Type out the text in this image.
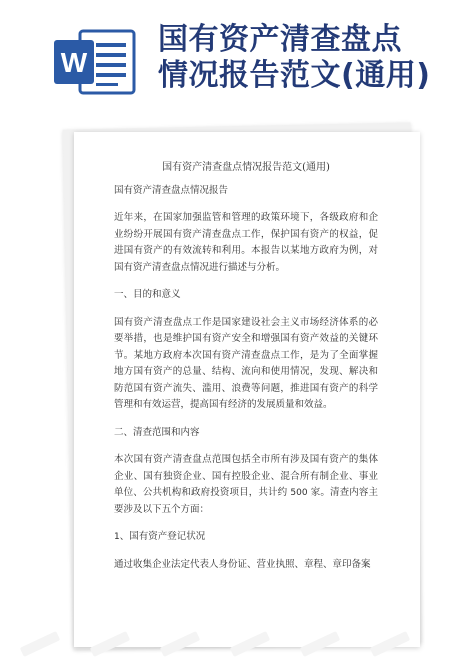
W
国有资产清查盘点
情况报告范文(通用)
国有资产清查盘点情况报告范文(通用)
国有资产清查盘点情况报告

近年来，在国家加强监管和管理的政策环境下，各级政府和企业纷纷开展国有资产清查盘点工作，保护国有资产的权益，促进国有资产的有效流转和利用。本报告以某地方政府为例，对国有资产清查盘点情况进行描述与分析。

一、目的和意义

国有资产清查盘点工作是国家建设社会主义市场经济体系的必要举措，也是维护国有资产安全和增强国有资产效益的关键环节。某地方政府本次国有资产清查盘点工作，是为了全面掌握地方国有资产的总量、结构、流向和使用情况，发现、解决和防范国有资产流失、滥用、浪费等问题，推进国有资产的科学管理和有效运营，提高国有经济的发展质量和效益。

二、清查范围和内容

本次国有资产清查盘点范围包括全市所有涉及国有资产的集体企业、国有独资企业、国有控股企业、混合所有制企业、事业单位、公共机构和政府投资项目，共计约 500 家。清查内容主要涉及以下五个方面：

1、国有资产登记状况

通过收集企业法定代表人身份证、营业执照、章程、章印备案
